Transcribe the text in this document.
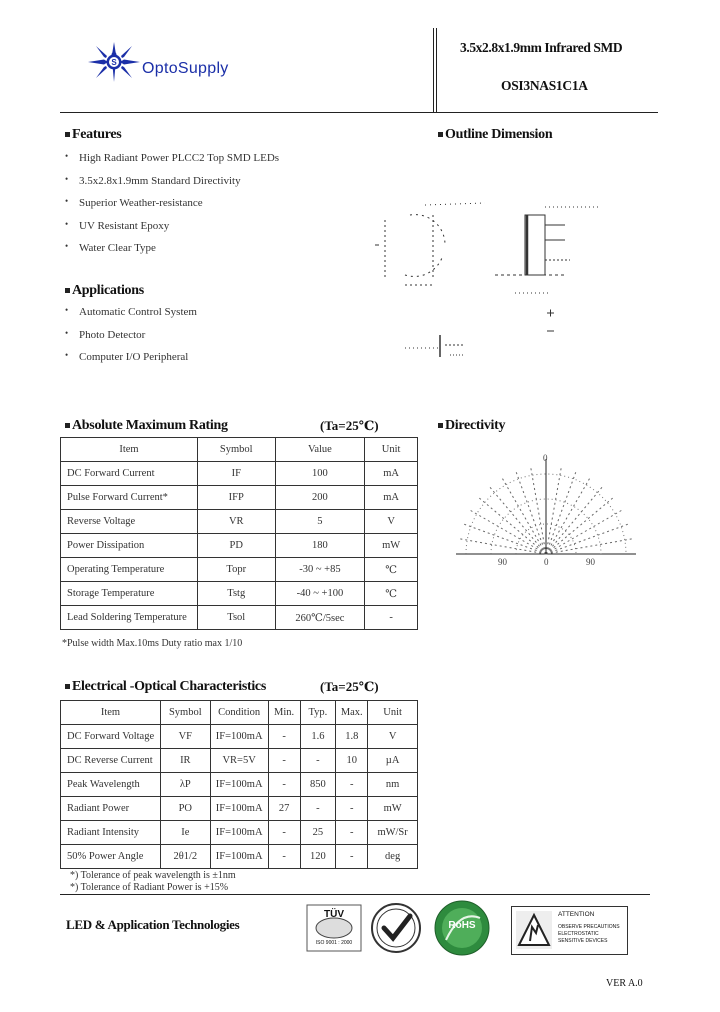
S OptoSupply
3.5x2.8x1.9mm Infrared SMD
OSI3NAS1C1A
Features
• High Radiant Power PLCC2 Top SMD LEDs
• 3.5x2.8x1.9mm Standard Directivity
• Superior Weather-resistance
• UV Resistant Epoxy
• Water Clear Type
Applications
• Automatic Control System
• Photo Detector
• Computer I/O Peripheral
Outline Dimension
Absolute Maximum Rating	(Ta=25℃)
Item	Symbol	Value	Unit
DC Forward Current	IF	100	mA
Pulse Forward Current*	IFP	200	mA
Reverse Voltage	VR	5	V
Power Dissipation	PD	180	mW
Operating Temperature	Topr	-30 ~ +85	℃
Storage Temperature	Tstg	-40 ~ +100	℃
Lead Soldering Temperature	Tsol	260℃/5sec	-
*Pulse width Max.10ms Duty ratio max 1/10
Directivity
0
90	0	90
Electrical -Optical Characteristics	(Ta=25℃)
Item	Symbol	Condition	Min.	Typ.	Max.	Unit
DC Forward Voltage	VF	IF=100mA	-	1.6	1.8	V
DC Reverse Current	IR	VR=5V	-	-	10	µA
Peak Wavelength	λP	IF=100mA	-	850	-	nm
Radiant Power	PO	IF=100mA	27	-	-	mW
Radiant Intensity	Ie	IF=100mA	-	25	-	mW/Sr
50% Power Angle	2θ1/2	IF=100mA	-	120	-	deg
*) Tolerance of peak wavelength is ±1nm
*) Tolerance of Radiant Power is +15%
LED & Application Technologies
TÜV
ISO 9001 : 2000
RoHS
ATTENTION
OBSERVE PRECAUTIONS
ELECTROSTATIC
SENSITIVE DEVICES
VER A.0
